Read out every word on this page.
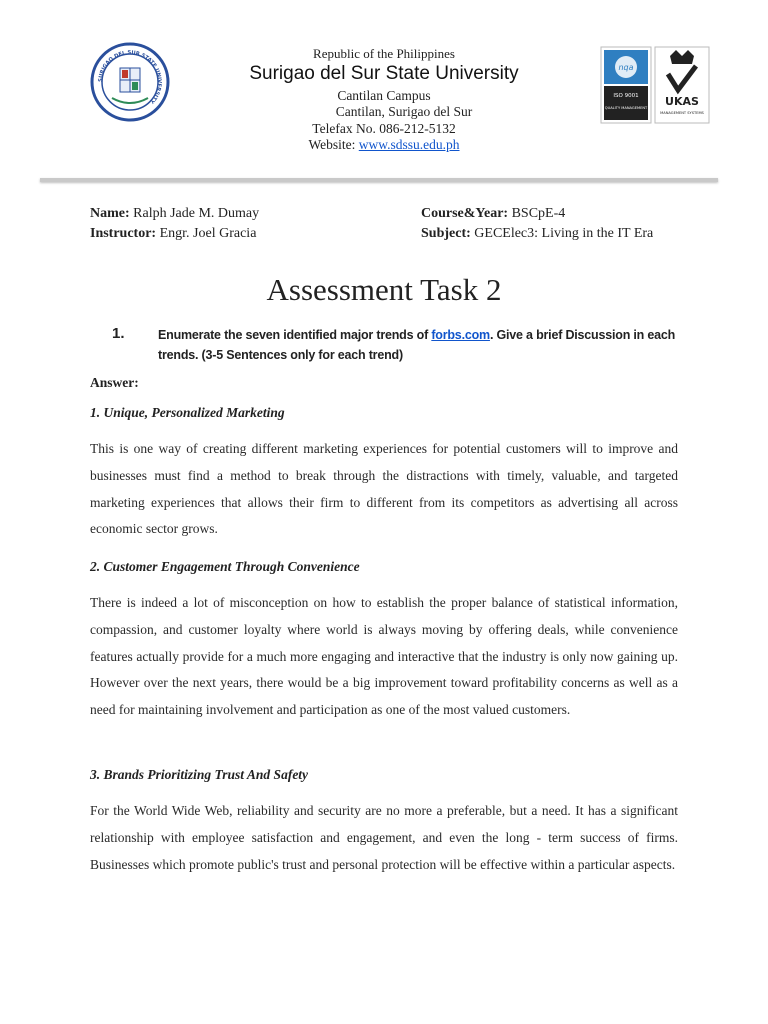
SURIGAO DEL SUR STATE UNIVERSITY
nqa
ISO 9001
QUALITY MANAGEMENT UKAS
MANAGEMENT SYSTEMS
Republic of the Philippines
Surigao del Sur State University
Cantilan Campus
Cantilan, Surigao del Sur
Telefax No. 086-212-5132
Website: www.sdssu.edu.ph
Name: Ralph Jade M. Dumay	Course&Year: BSCpE-4
Instructor: Engr. Joel Gracia	Subject: GECElec3: Living in the IT Era
Assessment Task 2
1.	Enumerate the seven identified major trends of forbs.com. Give a brief Discussion in each trends. (3-5 Sentences only for each trend)
Answer:
1. Unique, Personalized Marketing
This is one way of creating different marketing experiences for potential customers will to improve and businesses must find a method to break through the distractions with timely, valuable, and targeted marketing experiences that allows their firm to different from its competitors as advertising all across economic sector grows.
2. Customer Engagement Through Convenience
There is indeed a lot of misconception on how to establish the proper balance of statistical information, compassion, and customer loyalty where world is always moving by offering deals, while convenience features actually provide for a much more engaging and interactive that the industry is only now gaining up. However over the next years, there would be a big improvement toward profitability concerns as well as a need for maintaining involvement and participation as one of the most valued customers.
3. Brands Prioritizing Trust And Safety
For the World Wide Web, reliability and security are no more a preferable, but a need. It has a significant relationship with employee satisfaction and engagement, and even the long - term success of firms. Businesses which promote public's trust and personal protection will be effective within a particular aspects.
